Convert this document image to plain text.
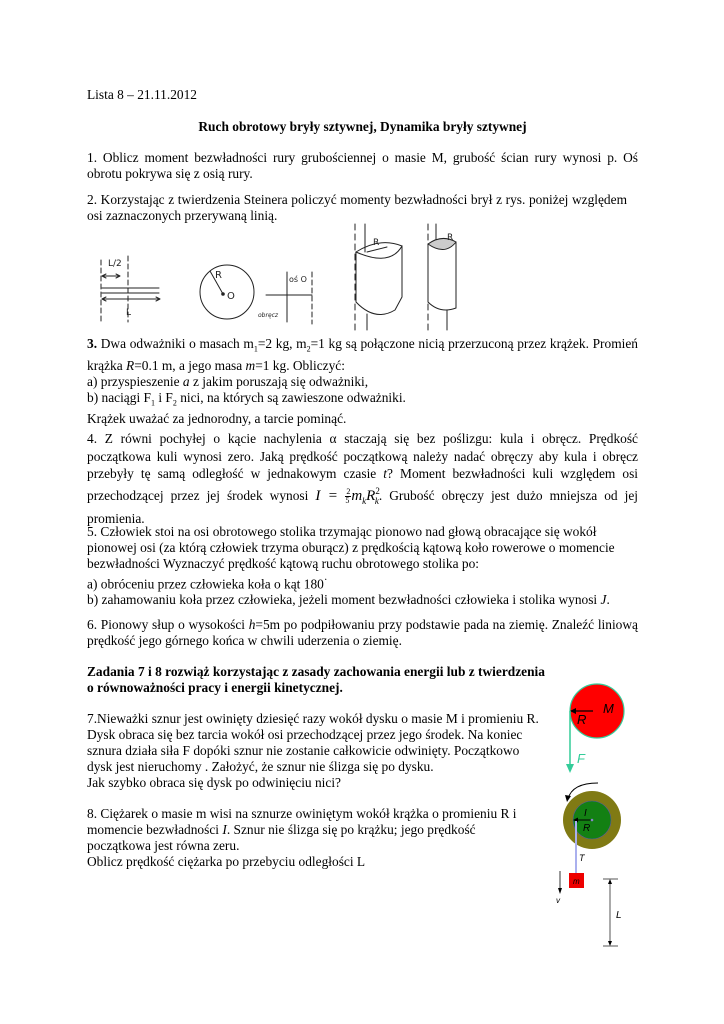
Lista 8 – 21.11.2012

Ruch obrotowy bryły sztywnej, Dynamika bryły sztywnej

1. Oblicz moment bezwładności rury grubościennej o masie M, grubość ścian rury wynosi p. Oś obrotu pokrywa się z osią rury.

2. Korzystając z twierdzenia Steinera policzyć momenty bezwładności brył z rys. poniżej względem osi zaznaczonych przerywaną linią.

L/2
L
R
O
oś O
obręcz
R	R
3. Dwa odważniki o masach $m_1=2$ kg, $m_2=1$ kg są połączone nicią przerzuconą przez krążek. Promień krążka R=0.1 m, a jego masa m=1 kg. Obliczyć:
a) przyspieszenie a z jakim poruszają się odważniki,
b) naciągi $F_1$ i $F_2$ nici, na których są zawieszone odważniki.
Krążek uważać za jednorodny, a tarcie pominąć.
4. Z równi pochyłej o kącie nachylenia α staczają się bez poślizgu: kula i obręcz. Prędkość początkowa kuli wynosi zero. Jaką prędkość początkową należy nadać obręczy aby kula i obręcz przebyły tę samą odległość w jednakowym czasie t? Moment bezwładności kuli względem osi przechodzącej przez jej środek wynosi $I = \frac{2}{5} m_kR^2_k$. Grubość obręczy jest dużo mniejsza od jej promienia.
5. Człowiek stoi na osi obrotowego stolika trzymając pionowo nad głową obracające się wokół
pionowej osi (za którą człowiek trzyma oburącz) z prędkością kątową koło rowerowe o momencie
bezwładności Wyznaczyć prędkość kątową ruchu obrotowego stolika po:
a) obróceniu przez człowieka koła o kąt 180·
b) zahamowaniu koła przez człowieka, jeżeli moment bezwładności człowieka i stolika wynosi J.
6. Pionowy słup o wysokości h=5m po podpiłowaniu przy podstawie pada na ziemię. Znaleźć liniową prędkość jego górnego końca w chwili uderzenia o ziemię.
Zadania 7 i 8 rozwiąż korzystając z zasady zachowania energii lub z twierdzenia
o równoważności pracy i energii kinetycznej.
7.Nieważki sznur jest owinięty dziesięć razy wokół dysku o masie M i promieniu R.
Dysk obraca się bez tarcia wokół osi przechodzącej przez jego środek. Na koniec
sznura działa siła F dopóki sznur nie zostanie całkowicie odwinięty. Początkowo
dysk jest nieruchomy . Założyć, że sznur nie ślizga się po dysku.
Jak szybko obraca się dysk po odwinięciu nici?
R
M
F
8. Ciężarek o masie m wisi na sznurze owiniętym wokół krążka o promieniu R i
momencie bezwładności I. Sznur nie ślizga się po krążku; jego prędkość
początkowa jest równa zeru.
Oblicz prędkość ciężarka po przebyciu odległości L
I
R
T
m
v
L
